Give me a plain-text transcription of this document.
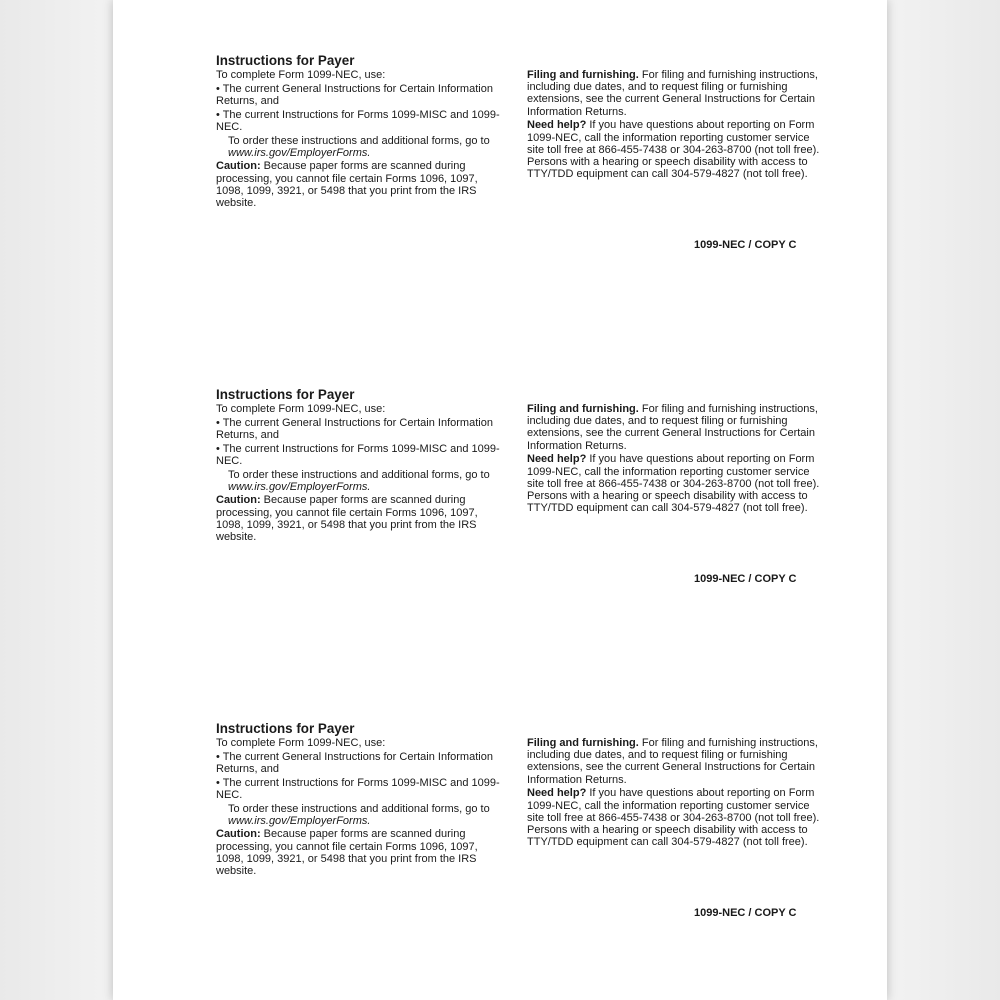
Instructions for Payer
To complete Form 1099-NEC, use:
• The current General Instructions for Certain Information Returns, and
• The current Instructions for Forms 1099-MISC and 1099-NEC.
To order these instructions and additional forms, go to www.irs.gov/EmployerForms.
Caution: Because paper forms are scanned during processing, you cannot file certain Forms 1096, 1097, 1098, 1099, 3921, or 5498 that you print from the IRS website.
Filing and furnishing. For filing and furnishing instructions, including due dates, and to request filing or furnishing extensions, see the current General Instructions for Certain Information Returns.
Need help? If you have questions about reporting on Form 1099-NEC, call the information reporting customer service site toll free at 866-455-7438 or 304-263-8700 (not toll free). Persons with a hearing or speech disability with access to TTY/TDD equipment can call 304-579-4827 (not toll free).
1099-NEC / COPY C
Instructions for Payer
To complete Form 1099-NEC, use:
• The current General Instructions for Certain Information Returns, and
• The current Instructions for Forms 1099-MISC and 1099-NEC.
To order these instructions and additional forms, go to www.irs.gov/EmployerForms.
Caution: Because paper forms are scanned during processing, you cannot file certain Forms 1096, 1097, 1098, 1099, 3921, or 5498 that you print from the IRS website.
Filing and furnishing. For filing and furnishing instructions, including due dates, and to request filing or furnishing extensions, see the current General Instructions for Certain Information Returns.
Need help? If you have questions about reporting on Form 1099-NEC, call the information reporting customer service site toll free at 866-455-7438 or 304-263-8700 (not toll free). Persons with a hearing or speech disability with access to TTY/TDD equipment can call 304-579-4827 (not toll free).
1099-NEC / COPY C
Instructions for Payer
To complete Form 1099-NEC, use:
• The current General Instructions for Certain Information Returns, and
• The current Instructions for Forms 1099-MISC and 1099-NEC.
To order these instructions and additional forms, go to www.irs.gov/EmployerForms.
Caution: Because paper forms are scanned during processing, you cannot file certain Forms 1096, 1097, 1098, 1099, 3921, or 5498 that you print from the IRS website.
Filing and furnishing. For filing and furnishing instructions, including due dates, and to request filing or furnishing extensions, see the current General Instructions for Certain Information Returns.
Need help? If you have questions about reporting on Form 1099-NEC, call the information reporting customer service site toll free at 866-455-7438 or 304-263-8700 (not toll free). Persons with a hearing or speech disability with access to TTY/TDD equipment can call 304-579-4827 (not toll free).
1099-NEC / COPY C
